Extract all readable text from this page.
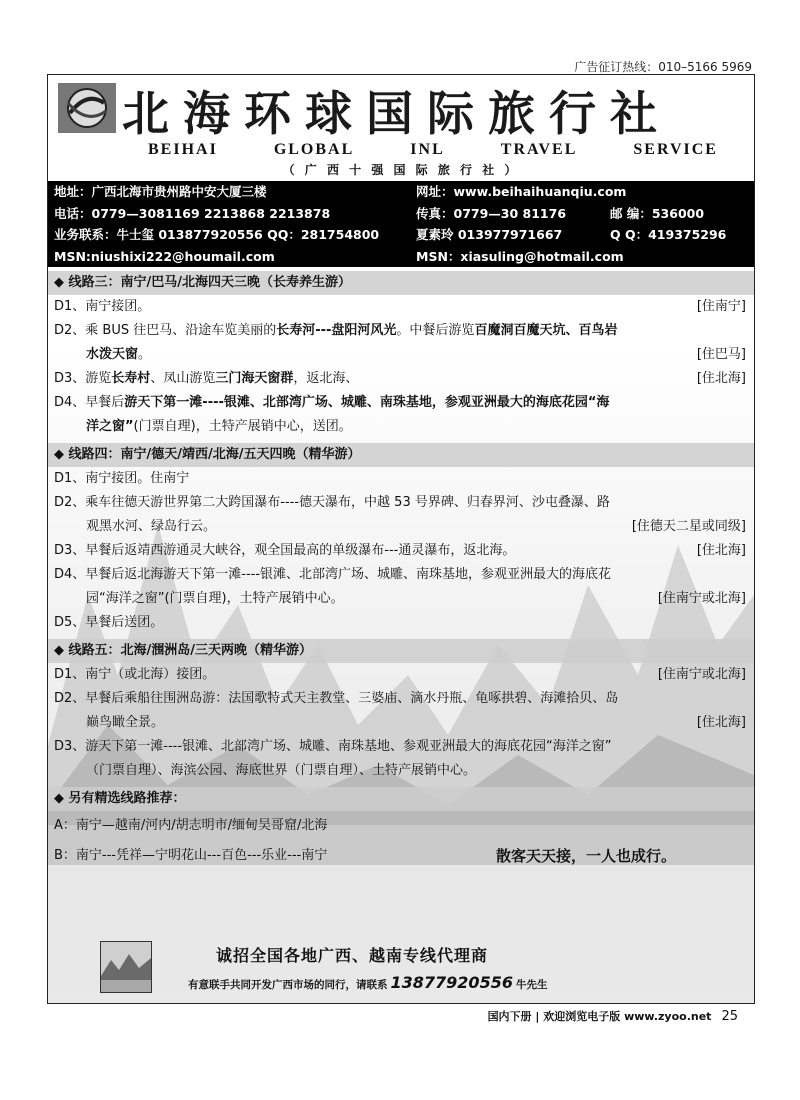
广告征订热线：010–5166 5969
北海环球国际旅行社
BEIHAI	GLOBAL	INL	TRAVEL	SERVICE
（ 广 西 十 强 国 际 旅 行 社 ）
地址：广西北海市贵州路中安大厦三楼	网址：www.beihaihuanqiu.com
电话：0779—3081169 2213868 2213878	传真：0779—30 81176	邮 编：536000
业务联系：牛士玺 013877920556 QQ：281754800	夏素玲 013977971667	Q Q：419375296
MSN:niushixi222@houmail.com	MSN：xiasuling@hotmail.com
◆ 线路三：南宁/巴马/北海四天三晚（长寿养生游）
D1、南宁接团。	[住南宁]
D2、乘 BUS 往巴马、沿途车览美丽的长寿河---盘阳河风光。中餐后游览百魔洞百魔天坑、百鸟岩
水泼天窗。	[住巴马]
D3、游览长寿村、凤山游览三门海天窗群，返北海、	[住北海]
D4、早餐后游天下第一滩----银滩、北部湾广场、城雕、南珠基地，参观亚洲最大的海底花园“海
洋之窗”(门票自理)，土特产展销中心，送团。
◆ 线路四：南宁/德天/靖西/北海/五天四晚（精华游）
D1、南宁接团。住南宁
D2、乘车往德天游世界第二大跨国瀑布----德天瀑布，中越 53 号界碑、归春界河、沙屯叠瀑、路
观黑水河、绿岛行云。	[住德天二星或同级]
D3、早餐后返靖西游通灵大峡谷，观全国最高的单级瀑布---通灵瀑布，返北海。	[住北海]
D4、早餐后返北海游天下第一滩----银滩、北部湾广场、城雕、南珠基地，参观亚洲最大的海底花
园“海洋之窗”(门票自理)，土特产展销中心。	[住南宁或北海]
D5、早餐后送团。
◆ 线路五：北海/涠洲岛/三天两晚（精华游）
D1、南宁（或北海）接团。	[住南宁或北海]
D2、早餐后乘船往围洲岛游：法国歌特式天主教堂、三婆庙、滴水丹瓶、龟啄拱碧、海滩拾贝、岛
巅鸟瞰全景。	[住北海]
D3、游天下第一滩----银滩、北部湾广场、城雕、南珠基地、参观亚洲最大的海底花园“海洋之窗”
（门票自理）、海滨公园、海底世界（门票自理）、土特产展销中心。
◆ 另有精选线路推荐：
A：南宁—越南/河内/胡志明市/缅甸吴哥窟/北海
B：南宁---凭祥—宁明花山---百色---乐业---南宁	散客天天接，一人也成行。
诚招全国各地广西、越南专线代理商
有意联手共同开发广西市场的同行，请联系 13877920556 牛先生
国内下册 | 欢迎浏览电子版 www.zyoo.net 25
